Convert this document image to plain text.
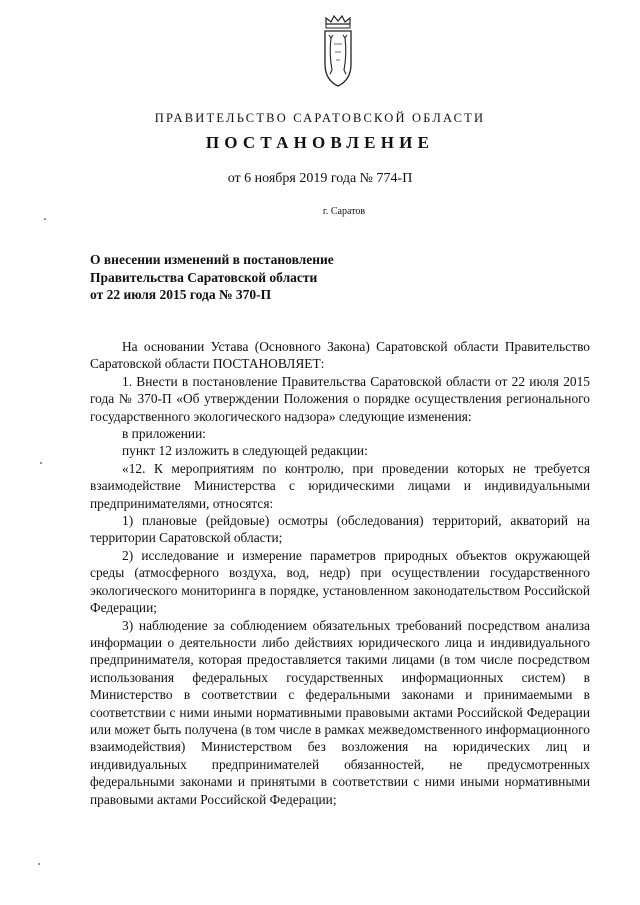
ПРАВИТЕЛЬСТВО САРАТОВСКОЙ ОБЛАСТИ
ПОСТАНОВЛЕНИЕ
от 6 ноября 2019 года № 774-П
г. Саратов
О внесении изменений в постановление
Правительства Саратовской области
от 22 июля 2015 года № 370-П

На основании Устава (Основного Закона) Саратовской области Правительство Саратовской области ПОСТАНОВЛЯЕТ:

1. Внести в постановление Правительства Саратовской области от 22 июля 2015 года № 370-П «Об утверждении Положения о порядке осуществления регионального государственного экологического надзора» следующие изменения:

в приложении:

пункт 12 изложить в следующей редакции:

«12. К мероприятиям по контролю, при проведении которых не требуется взаимодействие Министерства с юридическими лицами и индивидуальными предпринимателями, относятся:

1) плановые (рейдовые) осмотры (обследования) территорий, акваторий на территории Саратовской области;

2) исследование и измерение параметров природных объектов окружающей среды (атмосферного воздуха, вод, недр) при осуществлении государственного экологического мониторинга в порядке, установленном законодательством Российской Федерации;

3) наблюдение за соблюдением обязательных требований посредством анализа информации о деятельности либо действиях юридического лица и индивидуального предпринимателя, которая предоставляется такими лицами (в том числе посредством использования федеральных государственных информационных систем) в Министерство в соответствии с федеральными законами и принимаемыми в соответствии с ними иными нормативными правовыми актами Российской Федерации или может быть получена (в том числе в рамках межведомственного информационного взаимодействия) Министерством без возложения на юридических лиц и индивидуальных предпринимателей обязанностей, не предусмотренных федеральными законами и принятыми в соответствии с ними иными нормативными правовыми актами Российской Федерации;
